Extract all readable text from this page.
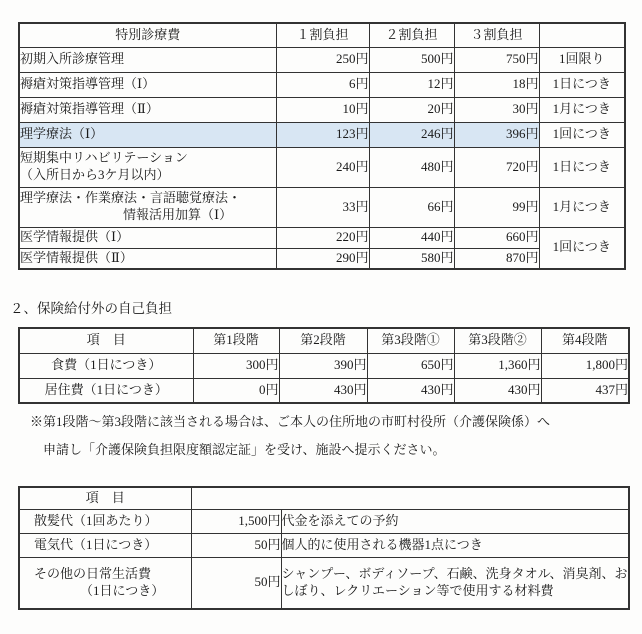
特別診療費	１割負担	２割負担	３割負担	
初期入所診療管理	250円	500円	750円	1回限り
褥瘡対策指導管理（Ⅰ）	6円	12円	18円	1日につき
褥瘡対策指導管理（Ⅱ）	10円	20円	30円	1月につき
理学療法（Ⅰ）	123円	246円	396円	1回につき

短期集中リハビリテーション
（入所日から3ケ月以内）	240円	480円	720円	1日につき

理学療法・作業療法・言語聴覚療法・
情報活用加算（Ⅰ）	33円	66円	99円	1月につき
医学情報提供（Ⅰ）	220円	440円	660円	1回につき
医学情報提供（Ⅱ）	290円	580円	870円	
２、保険給付外の自己負担
項　目	第1段階	第2段階	第3段階①	第3段階②	第4段階
食費（1日につき）	300円	390円	650円	1,360円	1,800円
居住費（1日につき）	0円	430円	430円	430円	437円
※第1段階～第3段階に該当される場合は、ご本人の住所地の市町村役所（介護保険係）へ
申請し「介護保険負担限度額認定証」を受け、施設へ提示ください。
項　目		
散髪代（1回あたり）	1,500円	代金を添えての予約
電気代（1日につき）	50円	個人的に使用される機器1点につき

その他の日常生活費
（1日につき）	50円	シャンプー、ボディソープ、石鹸、洗身タオル、消臭剤、おしぼり、レクリエーション等で使用する材料費
